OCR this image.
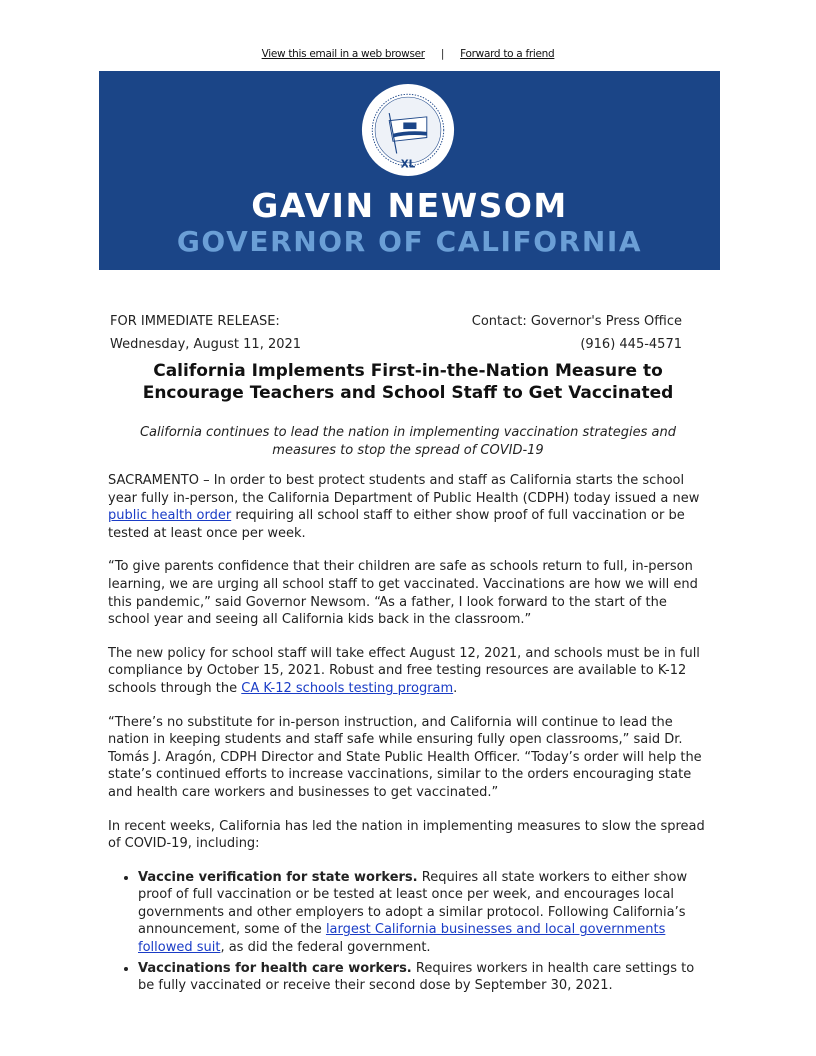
View this email in a web browser | Forward to a friend
XL
GAVIN NEWSOM
GOVERNOR OF CALIFORNIA
FOR IMMEDIATE RELEASE:	Contact: Governor's Press Office
Wednesday, August 11, 2021	(916) 445-4571
California Implements First-in-the-Nation Measure to Encourage Teachers and School Staff to Get Vaccinated
California continues to lead the nation in implementing vaccination strategies and measures to stop the spread of COVID-19

SACRAMENTO – In order to best protect students and staff as California starts the school year fully in-person, the California Department of Public Health (CDPH) today issued a new public health order requiring all school staff to either show proof of full vaccination or be tested at least once per week.

“To give parents confidence that their children are safe as schools return to full, in-person learning, we are urging all school staff to get vaccinated. Vaccinations are how we will end this pandemic,” said Governor Newsom. “As a father, I look forward to the start of the school year and seeing all California kids back in the classroom.”

The new policy for school staff will take effect August 12, 2021, and schools must be in full compliance by October 15, 2021. Robust and free testing resources are available to K-12 schools through the CA K-12 schools testing program.

“There’s no substitute for in-person instruction, and California will continue to lead the nation in keeping students and staff safe while ensuring fully open classrooms,” said Dr. Tomás J. Aragón, CDPH Director and State Public Health Officer. “Today’s order will help the state’s continued efforts to increase vaccinations, similar to the orders encouraging state and health care workers and businesses to get vaccinated.”

In recent weeks, California has led the nation in implementing measures to slow the spread of COVID-19, including:

• Vaccine verification for state workers. Requires all state workers to either show proof of full vaccination or be tested at least once per week, and encourages local governments and other employers to adopt a similar protocol. Following California’s announcement, some of the largest California businesses and local governments followed suit, as did the federal government.
• Vaccinations for health care workers. Requires workers in health care settings to be fully vaccinated or receive their second dose by September 30, 2021.
